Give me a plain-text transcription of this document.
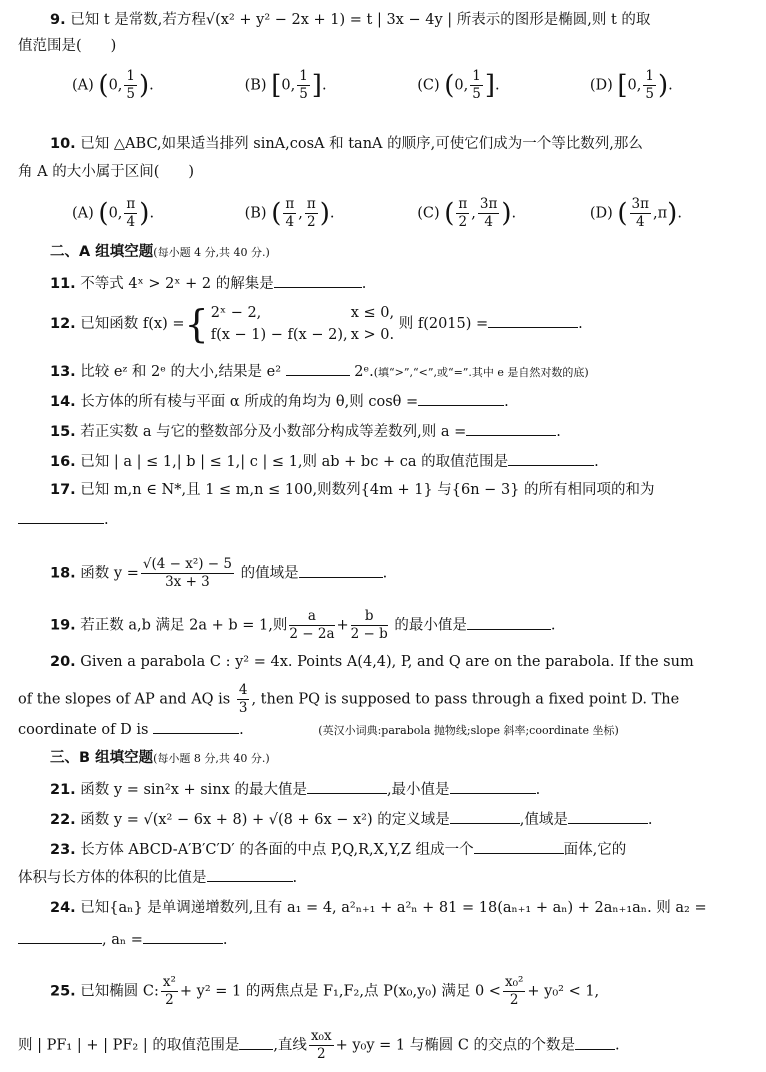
9. 已知 t 是常数,若方程√(x² + y² − 2x + 1) = t | 3x − 4y | 所表示的图形是椭圆,则 t 的取
值范围是(　　)
(A) (0, $\frac{1}{5}$ ).	(B) [0, $\frac{1}{5}$ ].	(C) (0, $\frac{1}{5}$ ].	(D) [0, $\frac{1}{5}$ ).
10. 已知 △ABC,如果适当排列 sinA,cosA 和 tanA 的顺序,可使它们成为一个等比数列,那么
角 A 的大小属于区间(　　)
(A) (0, $\frac{\pi}{4}$ ).	(B) ( $\frac{\pi}{4}$ , $\frac{\pi}{2}$ ).	(C) ( $\frac{\pi}{2}$ , $\frac{3\pi}{4}$ ).	(D) ( $\frac{3\pi}{4} ,\pi$).
二、A 组填空题(每小题 4 分,共 40 分.)
11. 不等式 4ˣ > 2ˣ + 2 的解集是	.
12. 已知函数 f(x) ={ 2ˣ − 2,	x ≤ 0,
f(x − 1) − f(x − 2), x > 0.
则 f(2015) =	.
13. 比较 eᶻ 和 2ᵉ 的大小,结果是 e²	2ᵉ.(填“>”,“<”,或“=”.其中 e 是自然对数的底)
14. 长方体的所有棱与平面 α 所成的角均为 θ,则 cosθ =	.
15. 若正实数 a 与它的整数部分及小数部分构成等差数列,则 a =	.
16. 已知 | a | ≤ 1,| b | ≤ 1,| c | ≤ 1,则 ab + bc + ca 的取值范围是	.
17. 已知 m,n ∈ N*,且 1 ≤ m,n ≤ 100,则数列{4m + 1} 与{6n − 3} 的所有相同项的和为
.
18. 函数 $y = \frac{\text{√(4 − x²) − 5}}{3x + 3}$ 的值域是	.
19. 若正数 a,b 满足 2a + b = 1,则 $\frac{a}{2 - 2a} + \frac{b}{2 - b}$ 的最小值是	.
20. Given a parabola C : y² = 4x. Points A(4,4), P, and Q are on the parabola. If the sum
of the slopes of AP and AQ is $\frac{4}{3}$ , then PQ is supposed to pass through a fixed point D. The
coordinate of D is	.	(英汉小词典:parabola 抛物线;slope 斜率;coordinate 坐标)
三、B 组填空题(每小题 8 分,共 40 分.)
21. 函数 y = sin²x + sinx 的最大值是	,最小值是	.
22. 函数 y = √(x² − 6x + 8) + √(8 + 6x − x²) 的定义域是	,值域是	.
23. 长方体 ABCD-A′B′C′D′ 的各面的中点 P,Q,R,X,Y,Z 组成一个	面体,它的
体积与长方体的体积的比值是	.
24. 已知{aₙ} 是单调递增数列,且有 a₁ = 4, a²ₙ₊₁ + a²ₙ + 81 = 18(aₙ₊₁ + aₙ) + 2aₙ₊₁aₙ. 则 a₂ =
, aₙ =	.
25. 已知椭圆 C: $\frac{\text{x²}}{2} + y^2 = 1$ 的两焦点是 F₁,F₂,点 P(x₀,y₀) 满足 $0 < \frac{\text{x₀²}}{2} + y_0^2 < 1$,
则 | PF₁ | + | PF₂ | 的取值范围是 ,直线 $\frac{\text{x₀x}}{2} + y_0y = 1$ 与椭圆 C 的交点的个数是	.
